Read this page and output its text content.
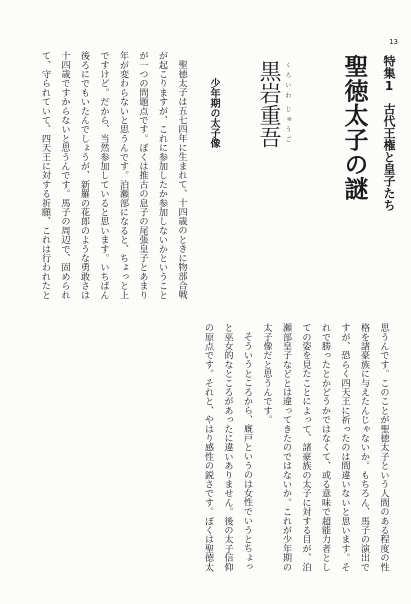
13
特集1古代王権と皇子たち
聖徳太子の謎
くろいわ
じゅうご
黒岩重吾
少年期の太子像
聖徳太子は五七四年に生まれて、十四歳のときに物部合戦
が起こりますが、これに参加したか参加しないかということ
が一つの問題点です。ぼくは推古の息子の尾張皇子とあまり
年が変わらないと思うんです。泊瀬部になると、ちょっと上
ですけど。だから、当然参加していると思います。いちばん
後ろにでもいたんでしょうが、新羅の花郎のような勇敢さは
十四歳ですからないと思うんです。馬子の周辺で、固められ
て、守られていて、四天王に対する祈願、これは行われたと
思うんです。このことが聖徳太子という人間のある程度の性
格を諸豪族に与えたんじゃないか。もちろん、馬子の演出で
すが、恐らく四天王に祈ったのは間違いないと思います。そ
れで勝ったとかどうかではなくて、或る意味で超能力者とし
ての姿を見たことによって、諸豪族の太子に対する目が、泊
瀬部皇子などとは違ってきたのではないか。これが少年期の
太子像だと思うんです。
そういうところから、廐戸というのは女性でいうとちょっ
と巫女的なところがあったに違いありません。後の太子信仰
の原点です。それと、やはり感性の鋭さです。ぼくは聖徳太
